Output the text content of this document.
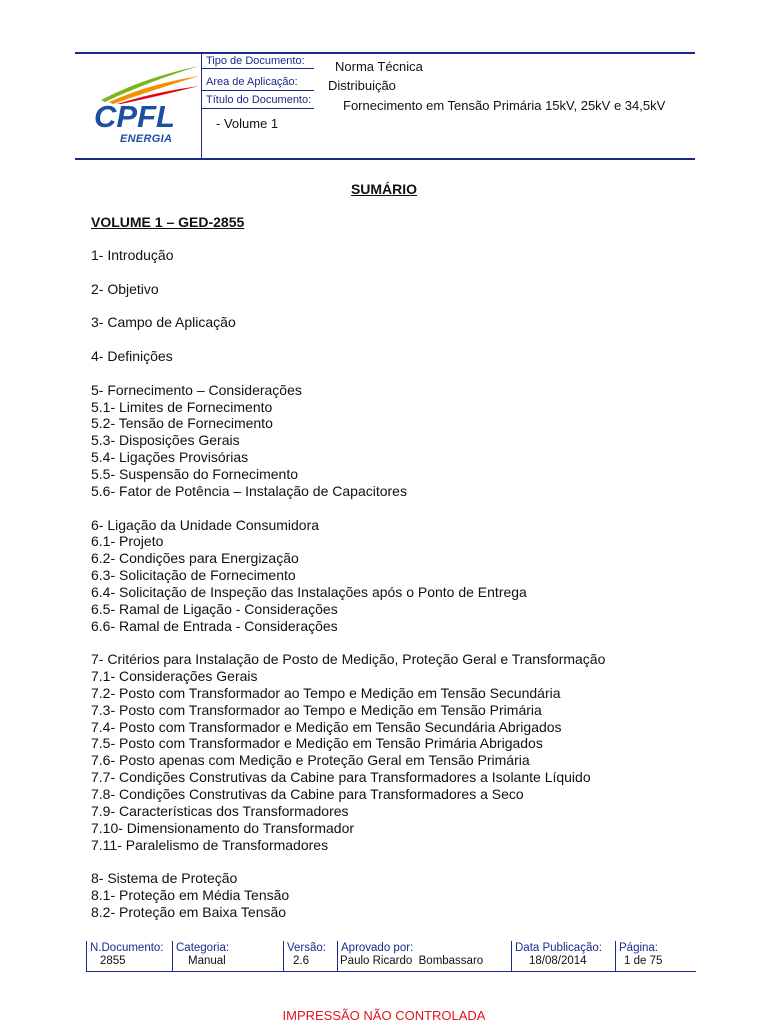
CPFL
ENERGIA
Tipo de Documento: Norma Técnica
Area de Aplicação: Distribuição
Título do Documento: Fornecimento em Tensão Primária 15kV, 25kV e 34,5kV
- Volume 1
SUMÁRIO
VOLUME 1 – GED-2855
1- Introdução
2- Objetivo
3- Campo de Aplicação
4- Definições
5- Fornecimento – Considerações
5.1- Limites de Fornecimento
5.2- Tensão de Fornecimento
5.3- Disposições Gerais
5.4- Ligações Provisórias
5.5- Suspensão do Fornecimento
5.6- Fator de Potência – Instalação de Capacitores
6- Ligação da Unidade Consumidora
6.1- Projeto
6.2- Condições para Energização
6.3- Solicitação de Fornecimento
6.4- Solicitação de Inspeção das Instalações após o Ponto de Entrega
6.5- Ramal de Ligação - Considerações
6.6- Ramal de Entrada - Considerações
7- Critérios para Instalação de Posto de Medição, Proteção Geral e Transformação
7.1- Considerações Gerais
7.2- Posto com Transformador ao Tempo e Medição em Tensão Secundária
7.3- Posto com Transformador ao Tempo e Medição em Tensão Primária
7.4- Posto com Transformador e Medição em Tensão Secundária Abrigados
7.5- Posto com Transformador e Medição em Tensão Primária Abrigados
7.6- Posto apenas com Medição e Proteção Geral em Tensão Primária
7.7- Condições Construtivas da Cabine para Transformadores a Isolante Líquido
7.8- Condições Construtivas da Cabine para Transformadores a Seco
7.9- Características dos Transformadores
7.10- Dimensionamento do Transformador
7.11- Paralelismo de Transformadores
8- Sistema de Proteção
8.1- Proteção em Média Tensão
8.2- Proteção em Baixa Tensão
N.Documento:
2855
Categoria:
Manual
Versão:
2.6
Aprovado por:
Paulo Ricardo  Bombassaro
Data Publicação:
18/08/2014
Página:
1 de 75
IMPRESSÃO NÃO CONTROLADA
